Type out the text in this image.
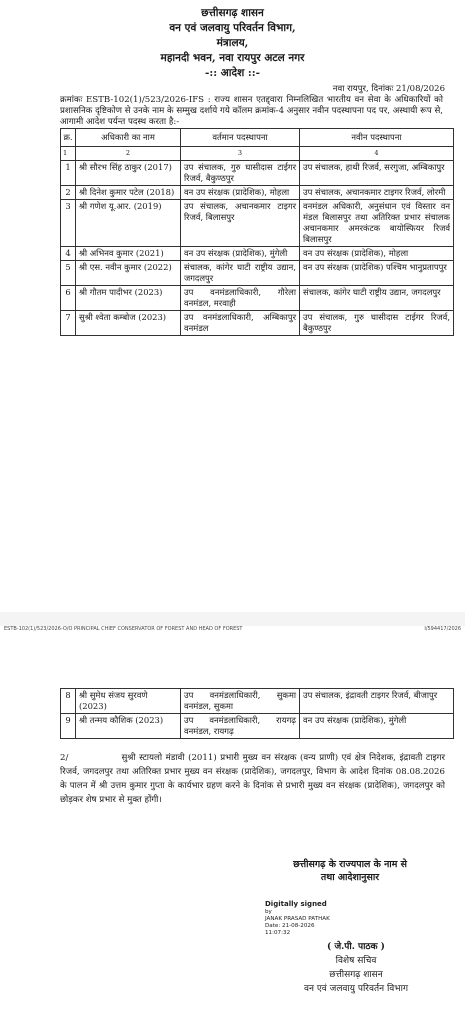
छत्तीसगढ़ शासन
वन एवं जलवायु परिवर्तन विभाग,
मंत्रालय,
महानदी भवन, नवा रायपुर अटल नगर
-:: आदेश ::-
नवा रायपुर, दिनांकः 21/08/2026
क्रमांकः ESTB-102(1)/523/2026-IFS : राज्य शासन एतद्द्वारा निम्नलिखित भारतीय वन सेवा के अधिकारियों को प्रशासनिक दृष्टिकोण से उनके नाम के सम्मुख दर्शाये गये कॉलम क्रमांक-4 अनुसार नवीन पदस्थापना पद पर, अस्थायी रूप से, आगामी आदेश पर्यन्त पदस्थ करता है:-
क्र.	अधिकारी का नाम	वर्तमान पदस्थापना	नवीन पदस्थापना
1	2	3	4
1	श्री सौरभ सिंह ठाकुर (2017)	उप संचालक, गुरु घासीदास टाईगर रिजर्व, बैकुण्ठपुर	उप संचालक, हाथी रिजर्व, सरगुजा, अम्बिकापुर
2	श्री दिनेश कुमार पटेल (2018)	वन उप संरक्षक (प्रादेशिक), मोहला	उप संचालक, अचानकमार टाइगर रिजर्व, लोरमी
3	श्री गणेश यू.आर. (2019)	उप संचालक, अचानकमार टाइगर रिजर्व, बिलासपुर	वनमंडल अधिकारी, अनुसंधान एवं विस्तार वन मंडल बिलासपुर तथा अतिरिक्त प्रभार संचालक अचानकमार अमरकंटक बायोस्फियर रिजर्व बिलासपुर
4	श्री अभिनव कुमार (2021)	वन उप संरक्षक (प्रादेशिक), मुंगेली	वन उप संरक्षक (प्रादेशिक), मोहला
5	श्री एस. नवीन कुमार (2022)	संचालक, कांगेर घाटी राष्ट्रीय उद्यान, जगदलपुर	वन उप संरक्षक (प्रादेशिक) पश्चिम भानुप्रतापपुर
6	श्री गौतम पादीभर (2023)	उप वनमंडलाधिकारी, गौरेला वनमंडल, मरवाही	संचालक, कांगेर घाटी राष्ट्रीय उद्यान, जगदलपुर
7	सुश्री श्वेता कम्बोज (2023)	उप वनमंडलाधिकारी, अम्बिकापुर वनमंडल	उप संचालक, गुरु घासीदास टाईगर रिजर्व, बैकुण्ठपुर
ESTB-102(1)/523/2026-O/O PRINCIPAL CHIEF CONSERVATOR OF FOREST AND HEAD OF FOREST	I/594417/2026
8	श्री सुमेध संजय सुरवणे (2023)	उप वनमंडलाधिकारी, सुकमा वनमंडल, सुकमा	उप संचालक, इंद्रावती टाइगर रिजर्व, बीजापुर
9	श्री तन्मय कौशिक (2023)	उप वनमंडलाधिकारी, रायगढ़ वनमंडल, रायगढ़	वन उप संरक्षक (प्रादेशिक), मुंगेली
2/	सुश्री स्टायलो मंडावी (2011) प्रभारी मुख्य वन संरक्षक (वन्य प्राणी) एवं क्षेत्र निदेशक, इंद्रावती टाइगर रिजर्व, जगदलपुर तथा अतिरिक्त प्रभार मुख्य वन संरक्षक (प्रादेशिक), जगदलपुर, विभाग के आदेश दिनांक 08.08.2026 के पालन में श्री उत्तम कुमार गुप्ता के कार्यभार ग्रहण करने के दिनांक से प्रभारी मुख्य वन संरक्षक (प्रादेशिक), जगदलपुर को छोड़कर शेष प्रभार से मुक्त होंगी।
छत्तीसगढ़ के राज्यपाल के नाम से
तथा आदेशानुसार
Digitally signed
by
JANAK PRASAD PATHAK
Date: 21-08-2026
11:07:32
( जे.पी. पाठक )
विशेष सचिव
छत्तीसगढ़ शासन
वन एवं जलवायु परिवर्तन विभाग
